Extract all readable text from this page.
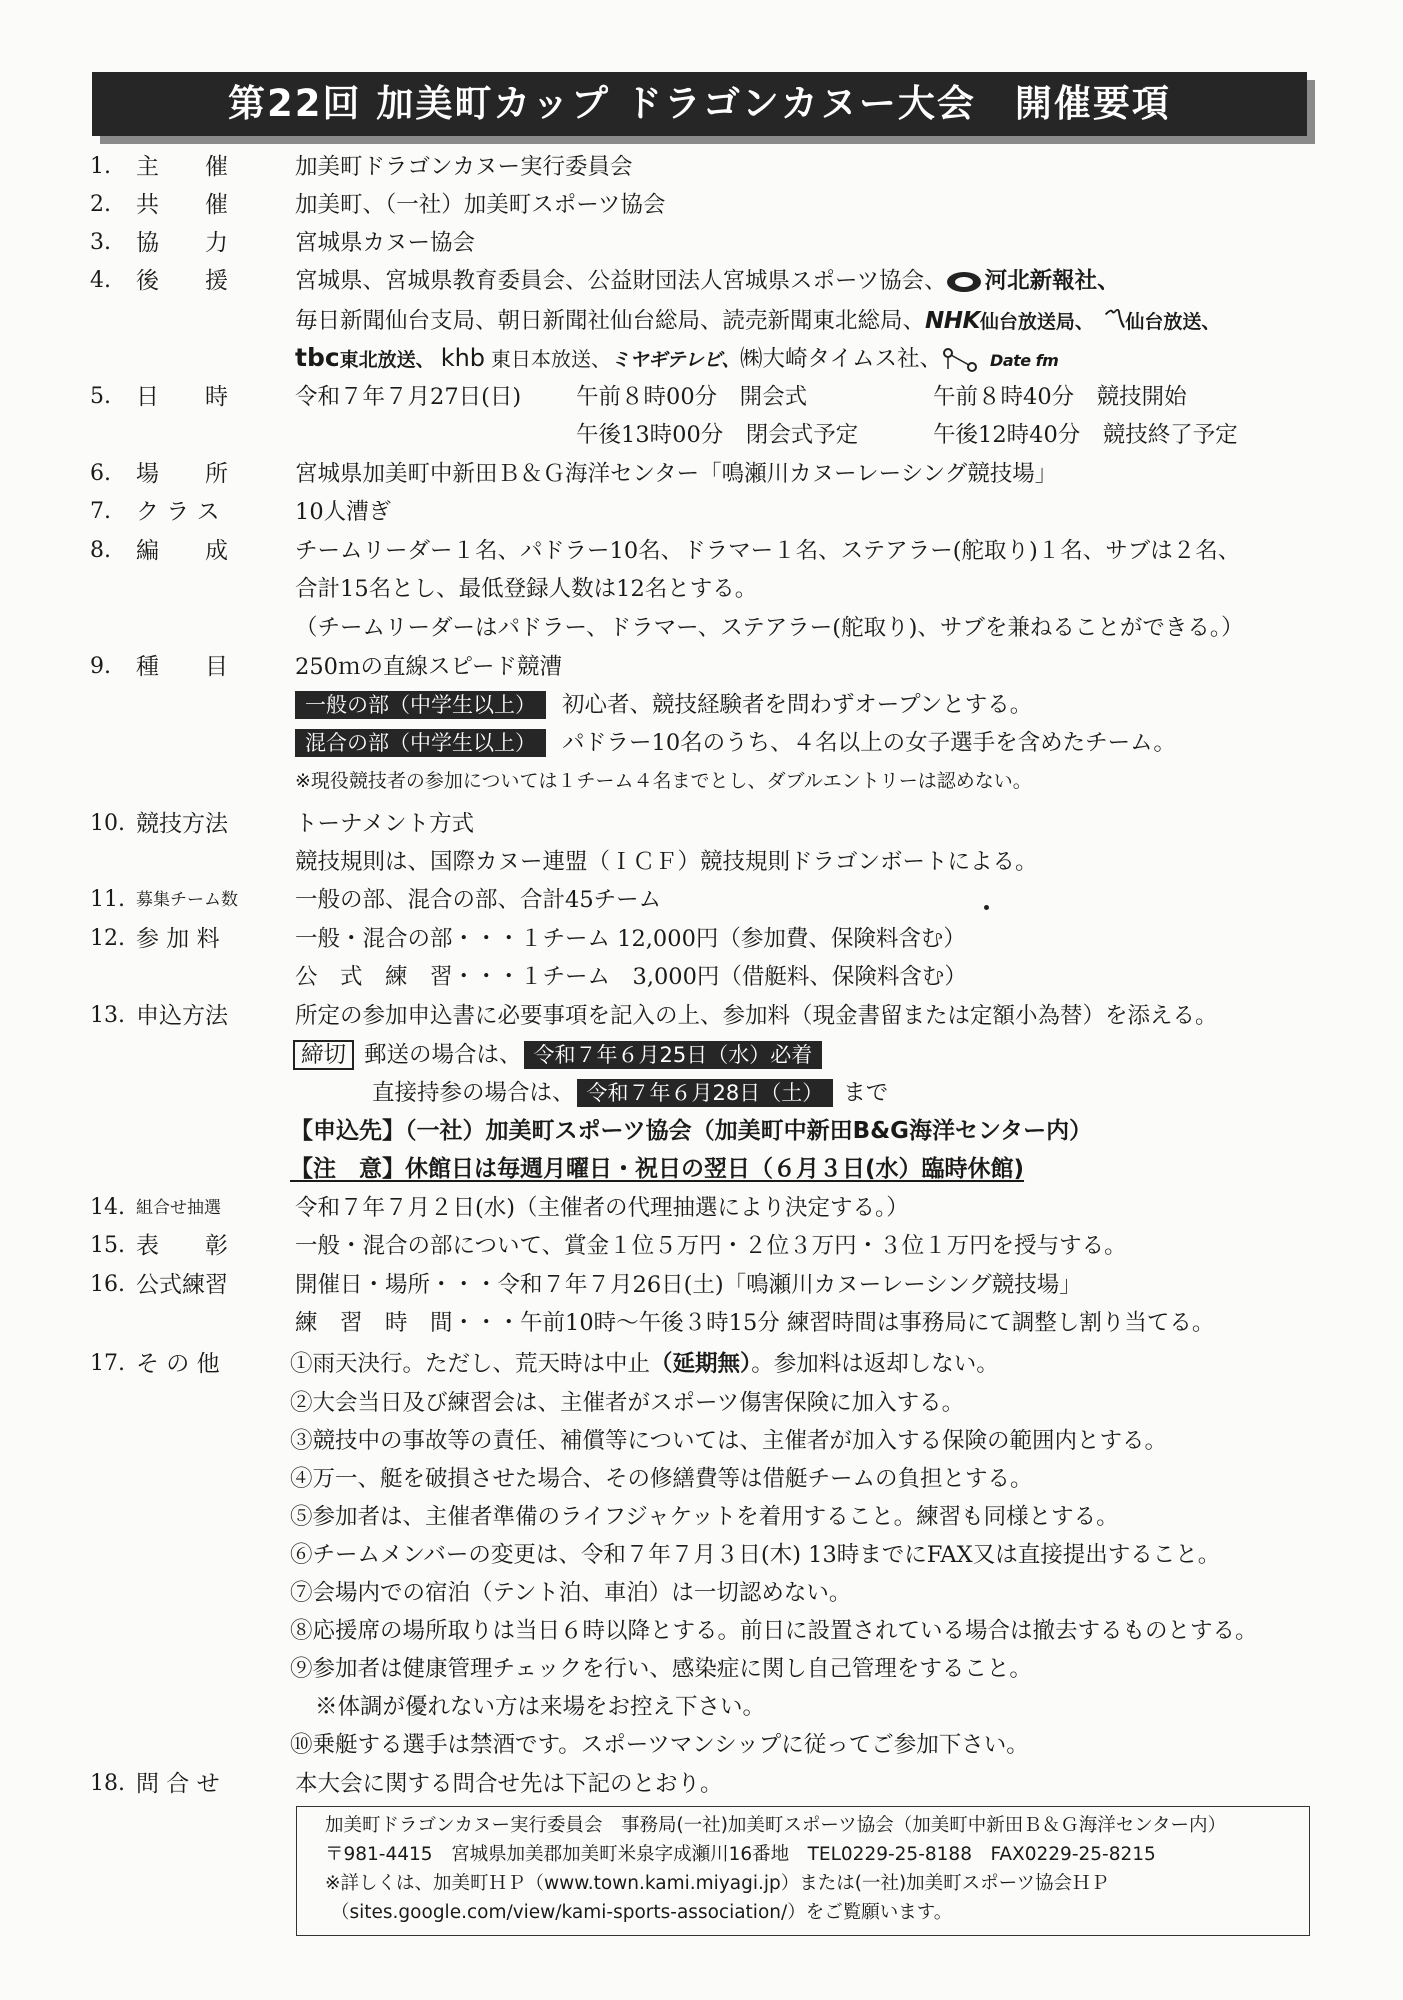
第22回 加美町カップ ドラゴンカヌー大会　開催要項
1.	主　　催	加美町ドラゴンカヌー実行委員会
2.	共　　催	加美町、（一社）加美町スポーツ協会
3.	協　　力	宮城県カヌー協会
4.	後　　援	宮城県、宮城県教育委員会、公益財団法人宮城県スポーツ協会、 河北新報社、
毎日新聞仙台支局、朝日新聞社仙台総局、読売新聞東北総局、NHK仙台放送局、 〽仙台放送、
tbc東北放送、 khb 東日本放送、ミヤギテレビ、㈱大崎タイムス社、	Date fm
5.	日　　時	令和７年７月27日(日) 午前８時00分　開会式	午前８時40分　競技開始
午後13時00分　閉会式予定	午後12時40分　競技終了予定
6.	場　　所	宮城県加美町中新田Ｂ＆Ｇ海洋センター「鳴瀬川カヌーレーシング競技場」
7.	ク ラ ス	10人漕ぎ
8.	編　　成	チームリーダー１名、パドラー10名、ドラマー１名、ステアラー(舵取り)１名、サブは２名、
合計15名とし、最低登録人数は12名とする。
（チームリーダーはパドラー、ドラマー、ステアラー(舵取り)、サブを兼ねることができる。）
9.	種　　目	250ｍの直線スピード競漕
一般の部（中学生以上） 初心者、競技経験者を問わずオープンとする。
混合の部（中学生以上） パドラー10名のうち、４名以上の女子選手を含めたチーム。
※現役競技者の参加については１チーム４名までとし、ダブルエントリーは認めない。
10. 競技方法	トーナメント方式
競技規則は、国際カヌー連盟（ＩＣＦ）競技規則ドラゴンボートによる。
11. 募集チーム数	一般の部、混合の部、合計45チーム
12. 参 加 料	一般・混合の部・・・１チーム 12,000円（参加費、保険料含む）
公　式　練　習・・・１チーム　3,000円（借艇料、保険料含む）
13. 申込方法	所定の参加申込書に必要事項を記入の上、参加料（現金書留または定額小為替）を添える。
締切 郵送の場合は、 令和７年６月25日（水）必着
直接持参の場合は、 令和７年６月28日（土） まで
【申込先】（一社）加美町スポーツ協会（加美町中新田B&G海洋センター内）
【注　意】休館日は毎週月曜日・祝日の翌日（６月３日(水）臨時休館)
14. 組合せ抽選	令和７年７月２日(水)（主催者の代理抽選により決定する。）
15. 表　　彰	一般・混合の部について、賞金１位５万円・２位３万円・３位１万円を授与する。
16. 公式練習	開催日・場所・・・令和７年７月26日(土)「鳴瀬川カヌーレーシング競技場」
練　習　時　間・・・午前10時～午後３時15分 練習時間は事務局にて調整し割り当てる。
17. そ の 他	①雨天決行。ただし、荒天時は中止（延期無）。参加料は返却しない。
②大会当日及び練習会は、主催者がスポーツ傷害保険に加入する。
③競技中の事故等の責任、補償等については、主催者が加入する保険の範囲内とする。
④万一、艇を破損させた場合、その修繕費等は借艇チームの負担とする。
⑤参加者は、主催者準備のライフジャケットを着用すること。練習も同様とする。
⑥チームメンバーの変更は、令和７年７月３日(木) 13時までにFAX又は直接提出すること。
⑦会場内での宿泊（テント泊、車泊）は一切認めない。
⑧応援席の場所取りは当日６時以降とする。前日に設置されている場合は撤去するものとする。
⑨参加者は健康管理チェックを行い、感染症に関し自己管理をすること。
※体調が優れない方は来場をお控え下さい。
⑩乗艇する選手は禁酒です。スポーツマンシップに従ってご参加下さい。
18. 問 合 せ	本大会に関する問合せ先は下記のとおり。
加美町ドラゴンカヌー実行委員会　事務局(一社)加美町スポーツ協会（加美町中新田Ｂ＆Ｇ海洋センター内）
〒981-4415　宮城県加美郡加美町米泉字成瀬川16番地　TEL0229-25-8188　FAX0229-25-8215
※詳しくは、加美町ＨＰ（www.town.kami.miyagi.jp）または(一社)加美町スポーツ協会ＨＰ
（sites.google.com/view/kami-sports-association/）をご覧願います。
